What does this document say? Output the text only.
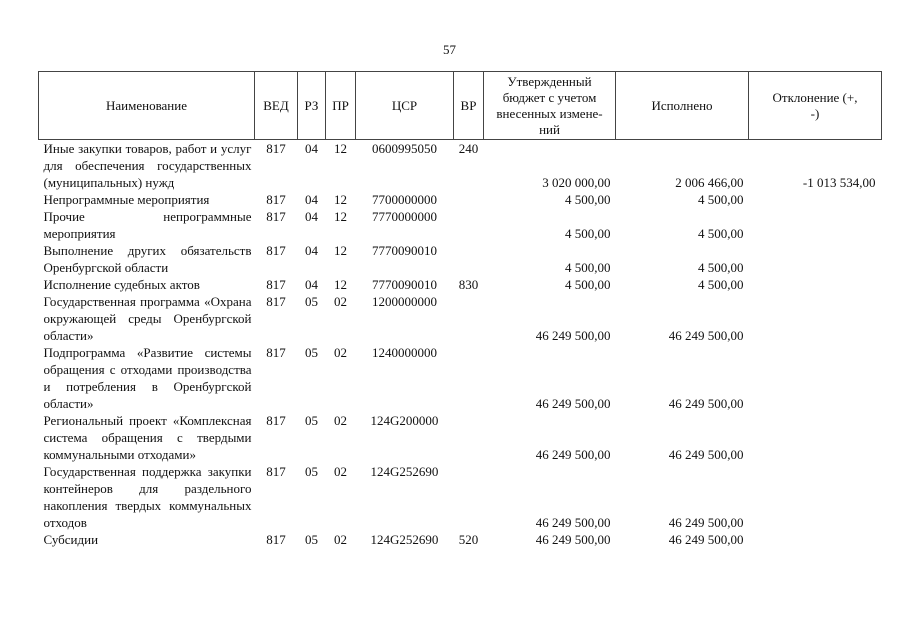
57
Наименование	ВЕД	РЗ	ПР	ЦСР	ВР	Утвержденный бюджет с учетом внесенных измене-ний	Исполнено	Отклонение (+, -)
Иные закупки товаров, работ и услуг для обеспечения государственных (муниципальных) нужд	817	04	12	0600995050	240	3 020 000,00	2 006 466,00	-1 013 534,00
Непрограммные мероприятия	817	04	12	7700000000		4 500,00	4 500,00	
Прочие непрограммные мероприятия	817	04	12	7770000000		4 500,00	4 500,00	
Выполнение других обязательств Оренбургской области	817	04	12	7770090010		4 500,00	4 500,00	
Исполнение судебных актов	817	04	12	7770090010	830	4 500,00	4 500,00	
Государственная программа «Охрана окружающей среды Оренбургской области»	817	05	02	1200000000		46 249 500,00	46 249 500,00	
Подпрограмма «Развитие системы обращения с отходами производства и потребления в Оренбургской области»	817	05	02	1240000000		46 249 500,00	46 249 500,00	
Региональный проект «Комплексная система обращения с твердыми коммунальными отходами»	817	05	02	124G200000		46 249 500,00	46 249 500,00	
Государственная поддержка закупки контейнеров для раздельного накопления твердых коммунальных отходов	817	05	02	124G252690		46 249 500,00	46 249 500,00	
Субсидии	817	05	02	124G252690	520	46 249 500,00	46 249 500,00	
